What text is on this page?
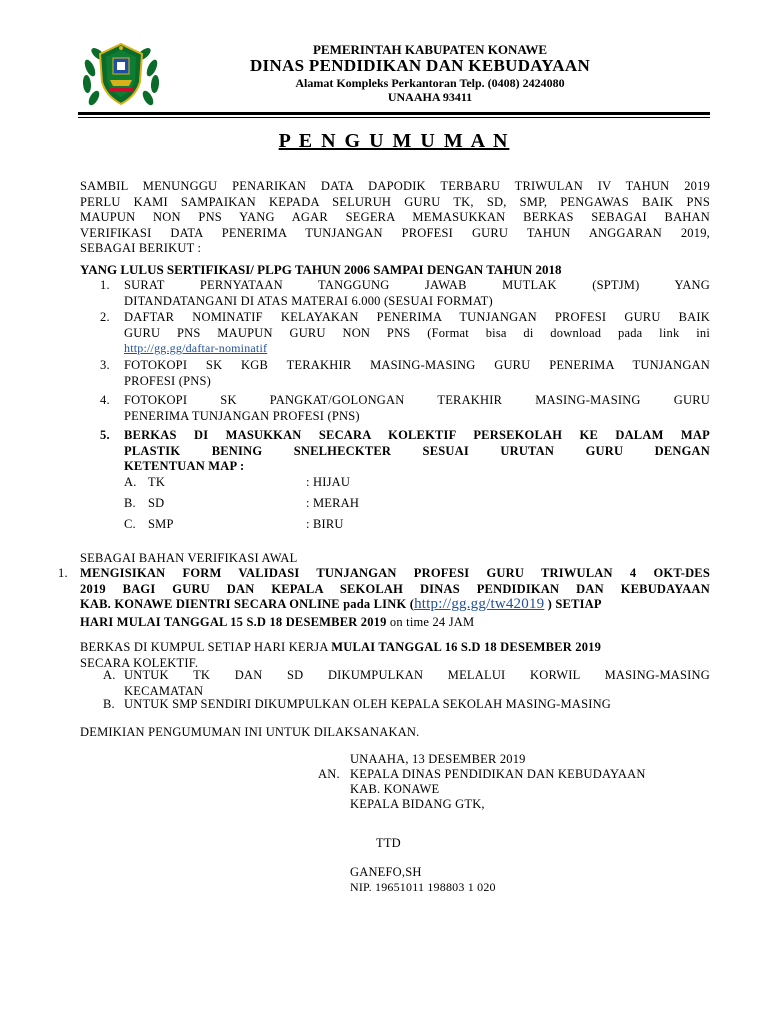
PEMERINTAH KABUPATEN KONAWE
DINAS PENDIDIKAN DAN KEBUDAYAAN
Alamat Kompleks Perkantoran Telp. (0408) 2424080
UNAAHA 93411
P E N G U M U M A N
SAMBIL MENUNGGU PENARIKAN DATA DAPODIK TERBARU TRIWULAN IV TAHUN 2019
PERLU KAMI SAMPAIKAN KEPADA SELURUH GURU TK, SD, SMP, PENGAWAS BAIK PNS
MAUPUN NON PNS YANG AGAR SEGERA MEMASUKKAN BERKAS SEBAGAI BAHAN
VERIFIKASI DATA PENERIMA TUNJANGAN PROFESI GURU TAHUN ANGGARAN 2019,
SEBAGAI BERIKUT :
YANG LULUS SERTIFIKASI/ PLPG TAHUN 2006 SAMPAI DENGAN TAHUN 2018
1. SURAT PERNYATAAN TANGGUNG JAWAB MUTLAK (SPTJM) YANG
DITANDATANGANI DI ATAS MATERAI 6.000 (SESUAI FORMAT)
2. DAFTAR NOMINATIF KELAYAKAN PENERIMA TUNJANGAN PROFESI GURU BAIK
GURU PNS MAUPUN GURU NON PNS (Format bisa di download pada link ini
http://gg.gg/daftar-nominatif
3. FOTOKOPI SK KGB TERAKHIR MASING-MASING GURU PENERIMA TUNJANGAN
PROFESI (PNS)
4. FOTOKOPI SK PANGKAT/GOLONGAN TERAKHIR MASING-MASING GURU
PENERIMA TUNJANGAN PROFESI (PNS)
5. BERKAS DI MASUKKAN SECARA KOLEKTIF PERSEKOLAH KE DALAM MAP
PLASTIK BENING SNELHECKTER SESUAI URUTAN GURU DENGAN
KETENTUAN MAP :
A. TK	: HIJAU
B. SD	: MERAH
C. SMP	: BIRU
SEBAGAI BAHAN VERIFIKASI AWAL
1. MENGISIKAN FORM VALIDASI TUNJANGAN PROFESI GURU TRIWULAN 4 OKT-DES
2019 BAGI GURU DAN KEPALA SEKOLAH DINAS PENDIDIKAN DAN KEBUDAYAAN
KAB. KONAWE DIENTRI SECARA ONLINE pada LINK (http://gg.gg/tw42019 ) SETIAP
HARI MULAI TANGGAL 15 S.D 18 DESEMBER 2019 on time 24 JAM
BERKAS DI KUMPUL SETIAP HARI KERJA MULAI TANGGAL 16 S.D 18 DESEMBER 2019
SECARA KOLEKTIF.
A. UNTUK TK DAN SD DIKUMPULKAN MELALUI KORWIL MASING-MASING
KECAMATAN
B. UNTUK SMP SENDIRI DIKUMPULKAN OLEH KEPALA SEKOLAH MASING-MASING
DEMIKIAN PENGUMUMAN INI UNTUK DILAKSANAKAN.
UNAAHA, 13 DESEMBER 2019
AN. KEPALA DINAS PENDIDIKAN DAN KEBUDAYAAN
KAB. KONAWE
KEPALA BIDANG GTK,
TTD
GANEFO,SH
NIP. 19651011 198803 1 020
